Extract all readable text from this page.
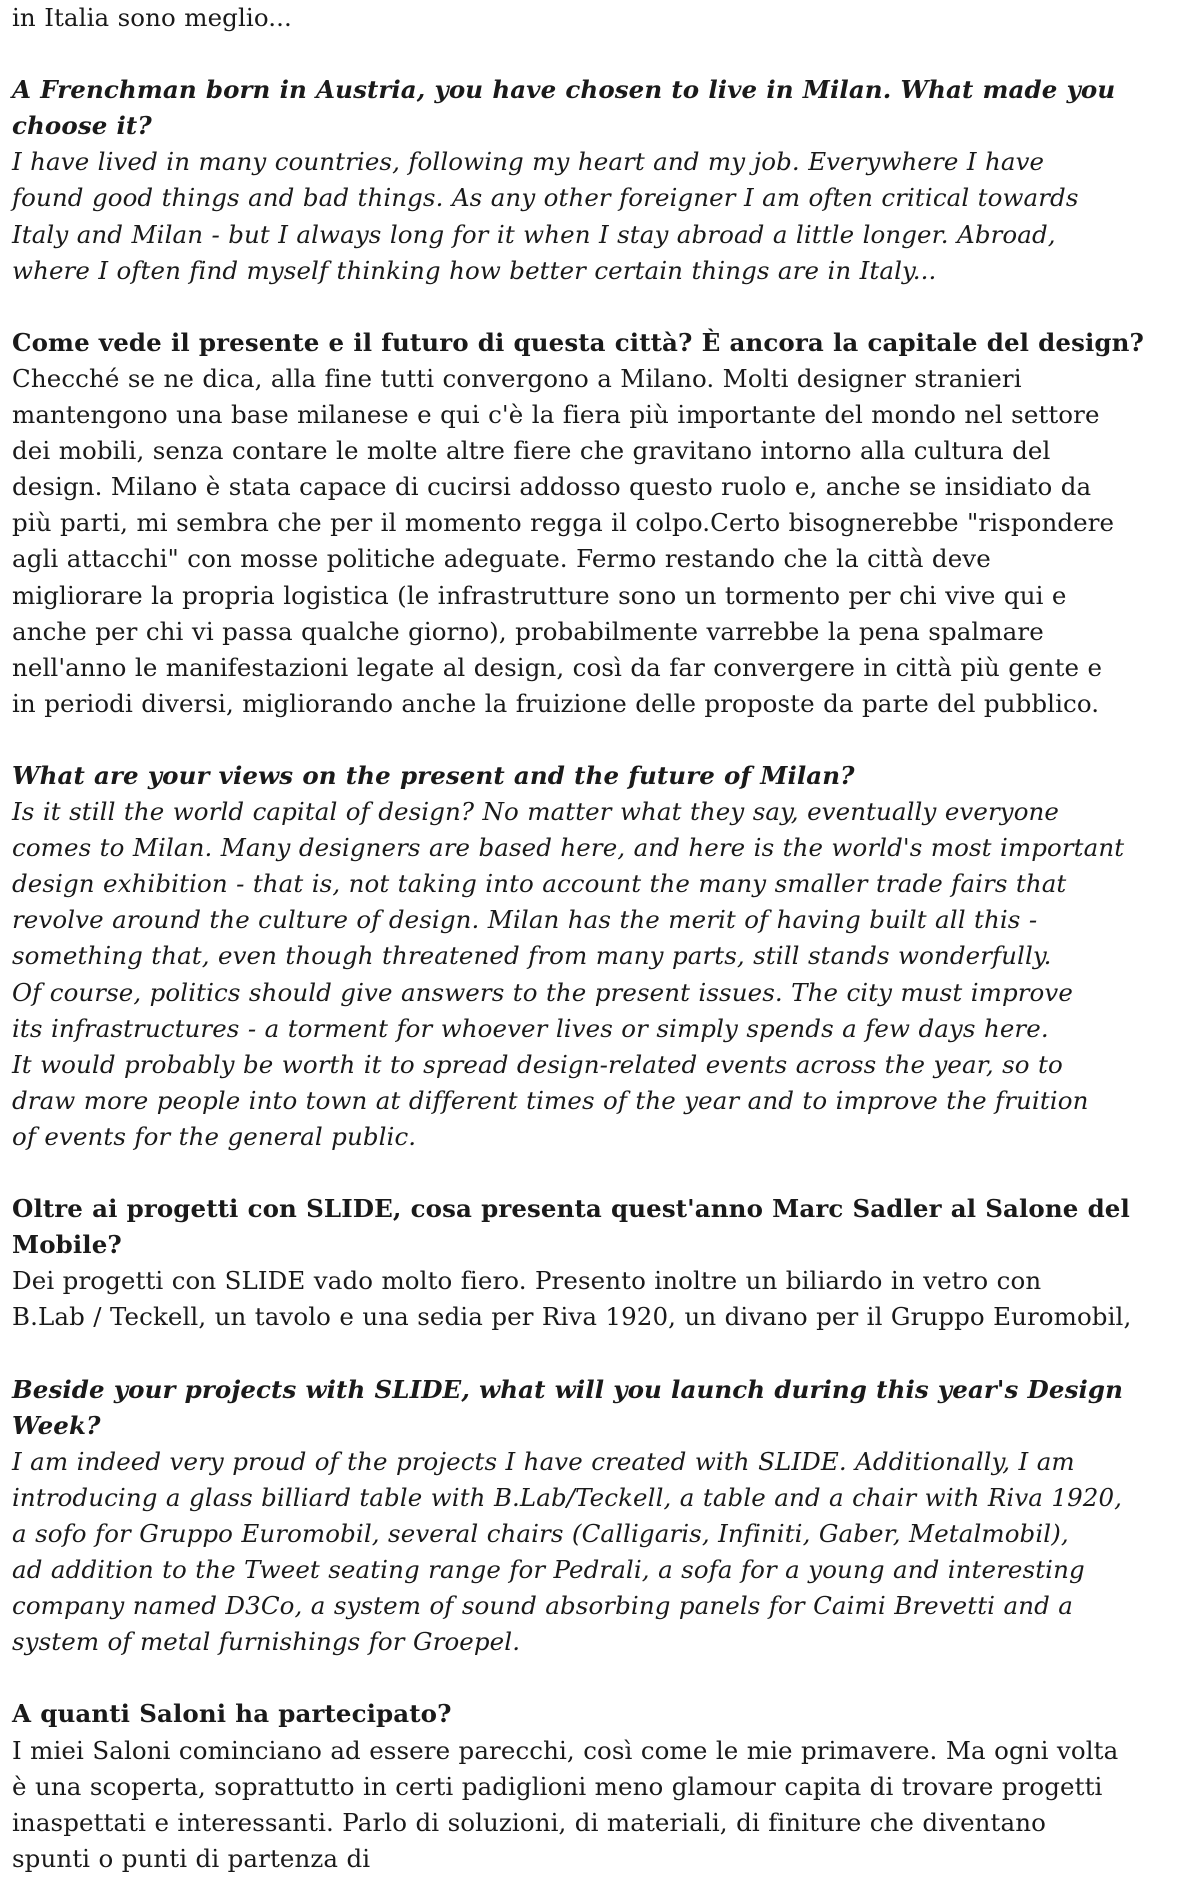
in Italia sono meglio...
A Frenchman born in Austria, you have chosen to live in Milan. What made you
choose it?
I have lived in many countries, following my heart and my job. Everywhere I have
found good things and bad things. As any other foreigner I am often critical towards
Italy and Milan - but I always long for it when I stay abroad a little longer. Abroad,
where I often find myself thinking how better certain things are in Italy...
Come vede il presente e il futuro di questa città? È ancora la capitale del design?
Checché se ne dica, alla fine tutti convergono a Milano. Molti designer stranieri
mantengono una base milanese e qui c'è la fiera più importante del mondo nel settore
dei mobili, senza contare le molte altre fiere che gravitano intorno alla cultura del
design. Milano è stata capace di cucirsi addosso questo ruolo e, anche se insidiato da
più parti, mi sembra che per il momento regga il colpo.Certo bisognerebbe "rispondere
agli attacchi" con mosse politiche adeguate. Fermo restando che la città deve
migliorare la propria logistica (le infrastrutture sono un tormento per chi vive qui e
anche per chi vi passa qualche giorno), probabilmente varrebbe la pena spalmare
nell'anno le manifestazioni legate al design, così da far convergere in città più gente e
in periodi diversi, migliorando anche la fruizione delle proposte da parte del pubblico.
What are your views on the present and the future of Milan?
Is it still the world capital of design? No matter what they say, eventually everyone
comes to Milan. Many designers are based here, and here is the world's most important
design exhibition - that is, not taking into account the many smaller trade fairs that
revolve around the culture of design. Milan has the merit of having built all this -
something that, even though threatened from many parts, still stands wonderfully.
Of course, politics should give answers to the present issues. The city must improve
its infrastructures - a torment for whoever lives or simply spends a few days here.
It would probably be worth it to spread design-related events across the year, so to
draw more people into town at different times of the year and to improve the fruition
of events for the general public.
Oltre ai progetti con SLIDE, cosa presenta quest'anno Marc Sadler al Salone del
Mobile?
Dei progetti con SLIDE vado molto fiero. Presento inoltre un biliardo in vetro con
B.Lab / Teckell, un tavolo e una sedia per Riva 1920, un divano per il Gruppo Euromobil,
Beside your projects with SLIDE, what will you launch during this year's Design
Week?
I am indeed very proud of the projects I have created with SLIDE. Additionally, I am
introducing a glass billiard table with B.Lab/Teckell, a table and a chair with Riva 1920,
a sofo for Gruppo Euromobil, several chairs (Calligaris, Infiniti, Gaber, Metalmobil),
ad addition to the Tweet seating range for Pedrali, a sofa for a young and interesting
company named D3Co, a system of sound absorbing panels for Caimi Brevetti and a
system of metal furnishings for Groepel.
A quanti Saloni ha partecipato?
I miei Saloni cominciano ad essere parecchi, così come le mie primavere. Ma ogni volta
è una scoperta, soprattutto in certi padiglioni meno glamour capita di trovare progetti
inaspettati e interessanti. Parlo di soluzioni, di materiali, di finiture che diventano
spunti o punti di partenza di
